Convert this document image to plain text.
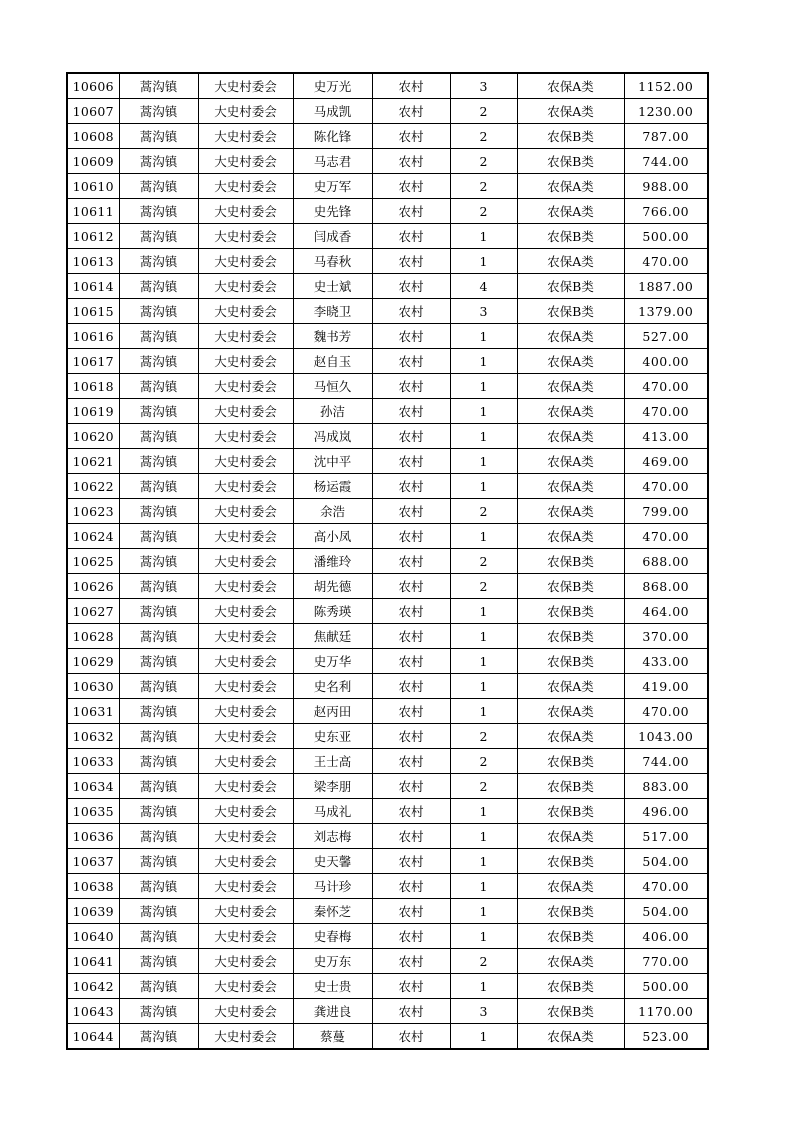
10606	蒿沟镇	大史村委会	史万光	农村	3	农保A类	1152.00
10607	蒿沟镇	大史村委会	马成凯	农村	2	农保A类	1230.00
10608	蒿沟镇	大史村委会	陈化锋	农村	2	农保B类	787.00
10609	蒿沟镇	大史村委会	马志君	农村	2	农保B类	744.00
10610	蒿沟镇	大史村委会	史万军	农村	2	农保A类	988.00
10611	蒿沟镇	大史村委会	史先锋	农村	2	农保A类	766.00
10612	蒿沟镇	大史村委会	闫成香	农村	1	农保B类	500.00
10613	蒿沟镇	大史村委会	马春秋	农村	1	农保A类	470.00
10614	蒿沟镇	大史村委会	史士斌	农村	4	农保B类	1887.00
10615	蒿沟镇	大史村委会	李晓卫	农村	3	农保B类	1379.00
10616	蒿沟镇	大史村委会	魏书芳	农村	1	农保A类	527.00
10617	蒿沟镇	大史村委会	赵自玉	农村	1	农保A类	400.00
10618	蒿沟镇	大史村委会	马恒久	农村	1	农保A类	470.00
10619	蒿沟镇	大史村委会	孙洁	农村	1	农保A类	470.00
10620	蒿沟镇	大史村委会	冯成岚	农村	1	农保A类	413.00
10621	蒿沟镇	大史村委会	沈中平	农村	1	农保A类	469.00
10622	蒿沟镇	大史村委会	杨运霞	农村	1	农保A类	470.00
10623	蒿沟镇	大史村委会	余浩	农村	2	农保A类	799.00
10624	蒿沟镇	大史村委会	高小凤	农村	1	农保A类	470.00
10625	蒿沟镇	大史村委会	潘维玲	农村	2	农保B类	688.00
10626	蒿沟镇	大史村委会	胡先德	农村	2	农保B类	868.00
10627	蒿沟镇	大史村委会	陈秀瑛	农村	1	农保B类	464.00
10628	蒿沟镇	大史村委会	焦献廷	农村	1	农保B类	370.00
10629	蒿沟镇	大史村委会	史万华	农村	1	农保B类	433.00
10630	蒿沟镇	大史村委会	史名利	农村	1	农保A类	419.00
10631	蒿沟镇	大史村委会	赵丙田	农村	1	农保A类	470.00
10632	蒿沟镇	大史村委会	史东亚	农村	2	农保A类	1043.00
10633	蒿沟镇	大史村委会	王士高	农村	2	农保B类	744.00
10634	蒿沟镇	大史村委会	梁李朋	农村	2	农保B类	883.00
10635	蒿沟镇	大史村委会	马成礼	农村	1	农保B类	496.00
10636	蒿沟镇	大史村委会	刘志梅	农村	1	农保A类	517.00
10637	蒿沟镇	大史村委会	史天馨	农村	1	农保B类	504.00
10638	蒿沟镇	大史村委会	马计珍	农村	1	农保A类	470.00
10639	蒿沟镇	大史村委会	秦怀芝	农村	1	农保B类	504.00
10640	蒿沟镇	大史村委会	史春梅	农村	1	农保B类	406.00
10641	蒿沟镇	大史村委会	史万东	农村	2	农保A类	770.00
10642	蒿沟镇	大史村委会	史士贵	农村	1	农保B类	500.00
10643	蒿沟镇	大史村委会	龚进良	农村	3	农保B类	1170.00
10644	蒿沟镇	大史村委会	蔡蔓	农村	1	农保A类	523.00
